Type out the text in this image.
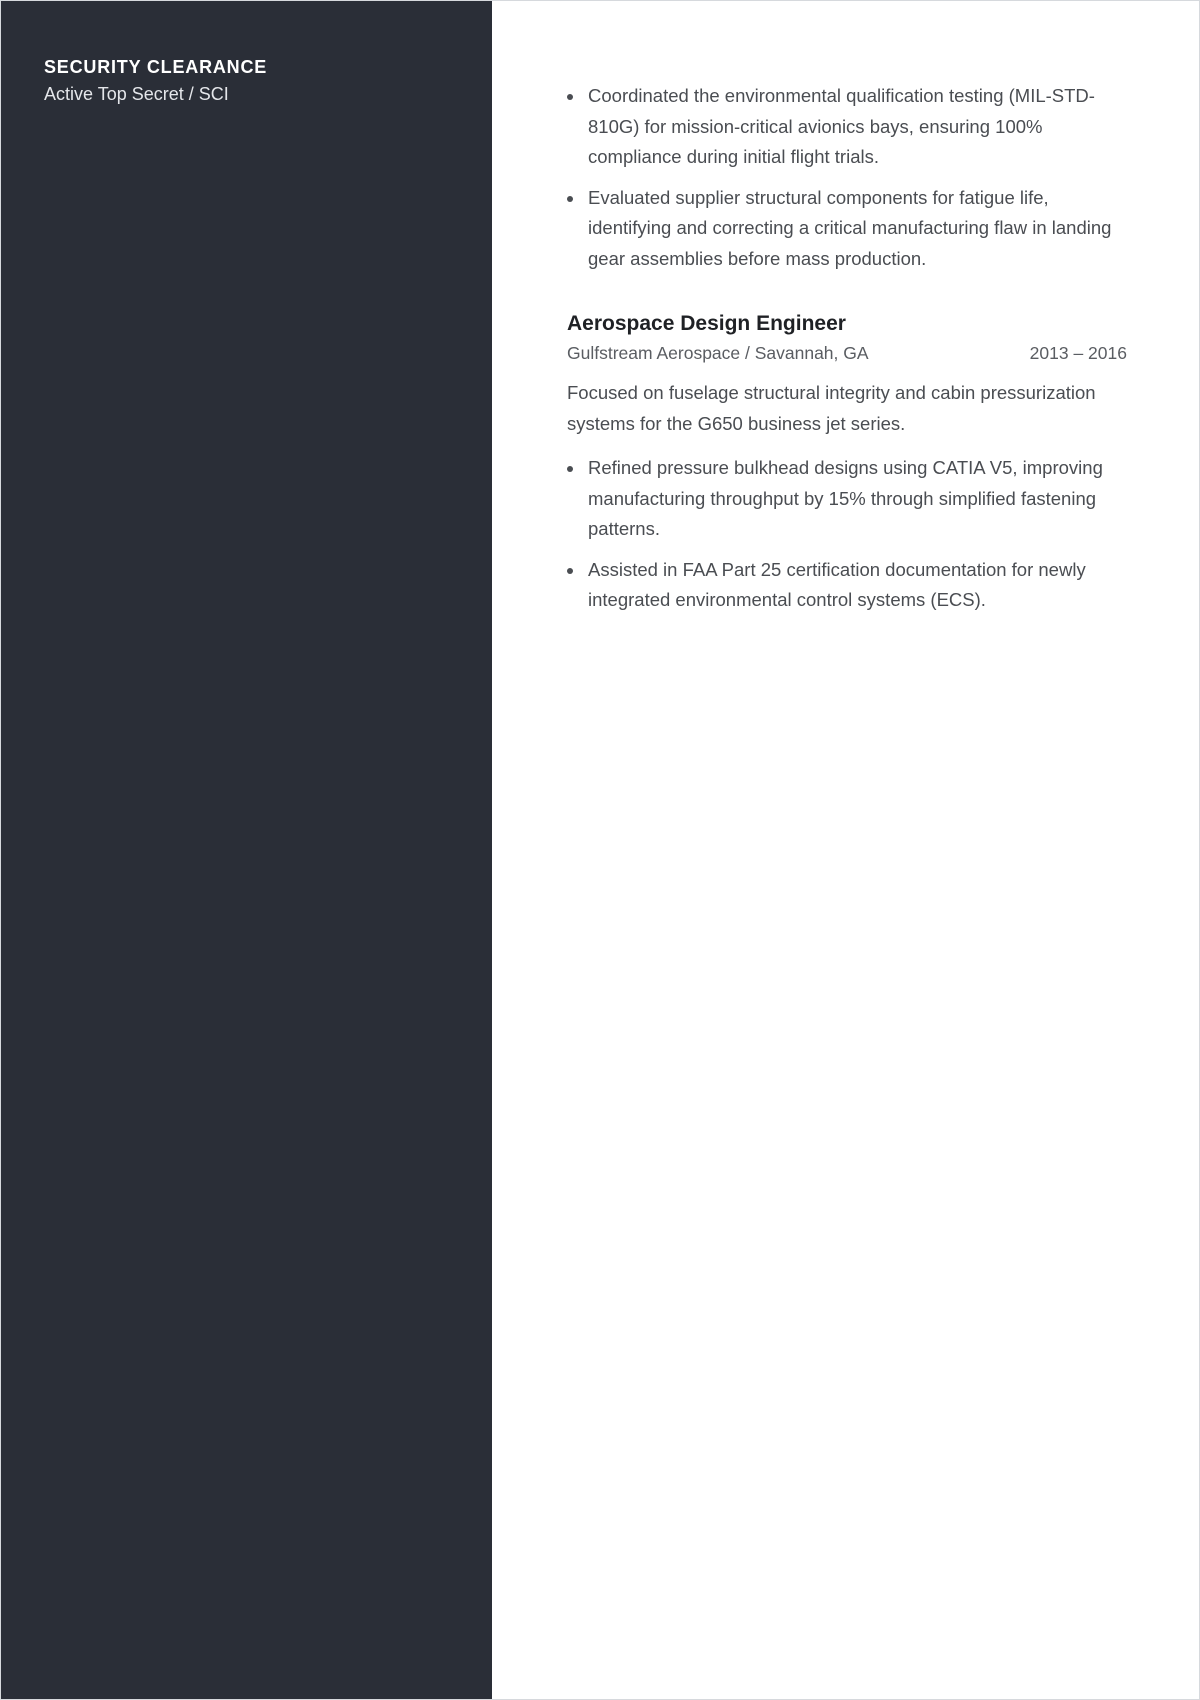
SECURITY CLEARANCE
Active Top Secret / SCI	Coordinated the environmental qualification testing (MIL-STD-810G) for mission-critical avionics bays, ensuring 100% compliance during initial flight trials.
Evaluated supplier structural components for fatigue life, identifying and correcting a critical manufacturing flaw in landing gear assemblies before mass production.
Aerospace Design Engineer
Gulfstream Aerospace / Savannah, GA	2013 – 2016
Focused on fuselage structural integrity and cabin pressurization systems for the G650 business jet series.
Refined pressure bulkhead designs using CATIA V5, improving manufacturing throughput by 15% through simplified fastening patterns.
Assisted in FAA Part 25 certification documentation for newly integrated environmental control systems (ECS).
